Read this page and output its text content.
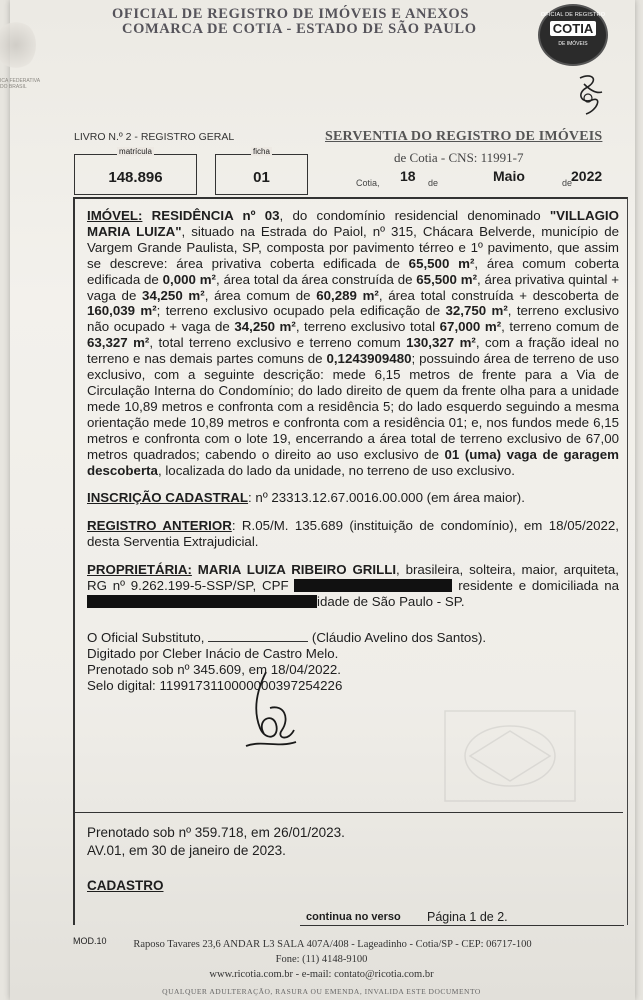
ICA FEDERATIVA DO BRASIL
OFICIAL DE REGISTRO DE IMÓVEIS E ANEXOS
COMARCA DE COTIA - ESTADO DE SÃO PAULO
OFICIAL DE REGISTRO
COTIA
DE IMÓVEIS
LIVRO N.º 2 - REGISTRO GERAL
matrícula
148.896
ficha
01
SERVENTIA DO REGISTRO DE IMÓVEIS
de Cotia - CNS: 11991-7
Cotia, 18 de	Maio	de
2022

IMÓVEL: RESIDÊNCIA nº 03, do condomínio residencial denominado "VILLAGIO MARIA LUIZA", situado na Estrada do Paiol, nº 315, Chácara Belverde, município de Vargem Grande Paulista, SP, composta por pavimento térreo e 1º pavimento, que assim se descreve: área privativa coberta edificada de 65,500 m², área comum coberta edificada de 0,000 m², área total da área construída de 65,500 m², área privativa quintal + vaga de 34,250 m², área comum de 60,289 m², área total construída + descoberta de 160,039 m²; terreno exclusivo ocupado pela edificação de 32,750 m², terreno exclusivo não ocupado + vaga de 34,250 m², terreno exclusivo total 67,000 m², terreno comum de 63,327 m², total terreno exclusivo e terreno comum 130,327 m², com a fração ideal no terreno e nas demais partes comuns de 0,1243909480; possuindo área de terreno de uso exclusivo, com a seguinte descrição: mede 6,15 metros de frente para a Via de Circulação Interna do Condomínio; do lado direito de quem da frente olha para a unidade mede 10,89 metros e confronta com a residência 5; do lado esquerdo seguindo a mesma orientação mede 10,89 metros e confronta com a residência 01; e, nos fundos mede 6,15 metros e confronta com o lote 19, encerrando a área total de terreno exclusivo de 67,00 metros quadrados; cabendo o direito ao uso exclusivo de 01 (uma) vaga de garagem descoberta, localizada do lado da unidade, no terreno de uso exclusivo.

INSCRIÇÃO CADASTRAL: nº 23313.12.67.0016.00.000 (em área maior).

REGISTRO ANTERIOR: R.05/M. 135.689 (instituição de condomínio), em 18/05/2022, desta Serventia Extrajudicial.

PROPRIETÁRIA: MARIA LUIZA RIBEIRO GRILLI, brasileira, solteira, maior, arquiteta, RG nº 9.262.199-5-SSP/SP, CPF	residente e domiciliada na idade de São Paulo - SP.

O Oficial Substituto,	(Cláudio Avelino dos Santos).

Digitado por Cleber Inácio de Castro Melo.

Prenotado sob nº 345.609, em 18/04/2022.

Selo digital: 1199173110000000397254226

Prenotado sob nº 359.718, em 26/01/2023.
AV.01, em 30 de janeiro de 2023.
CADASTRO
continua no verso Página 1 de 2.
MOD.10	Raposo Tavares 23,6 ANDAR L3 SALA 407A/408 - Lageadinho - Cotia/SP - CEP: 06717-100
Fone: (11) 4148-9100
www.ricotia.com.br - e-mail: contato@ricotia.com.br
QUALQUER ADULTERAÇÃO, RASURA OU EMENDA, INVALIDA ESTE DOCUMENTO
